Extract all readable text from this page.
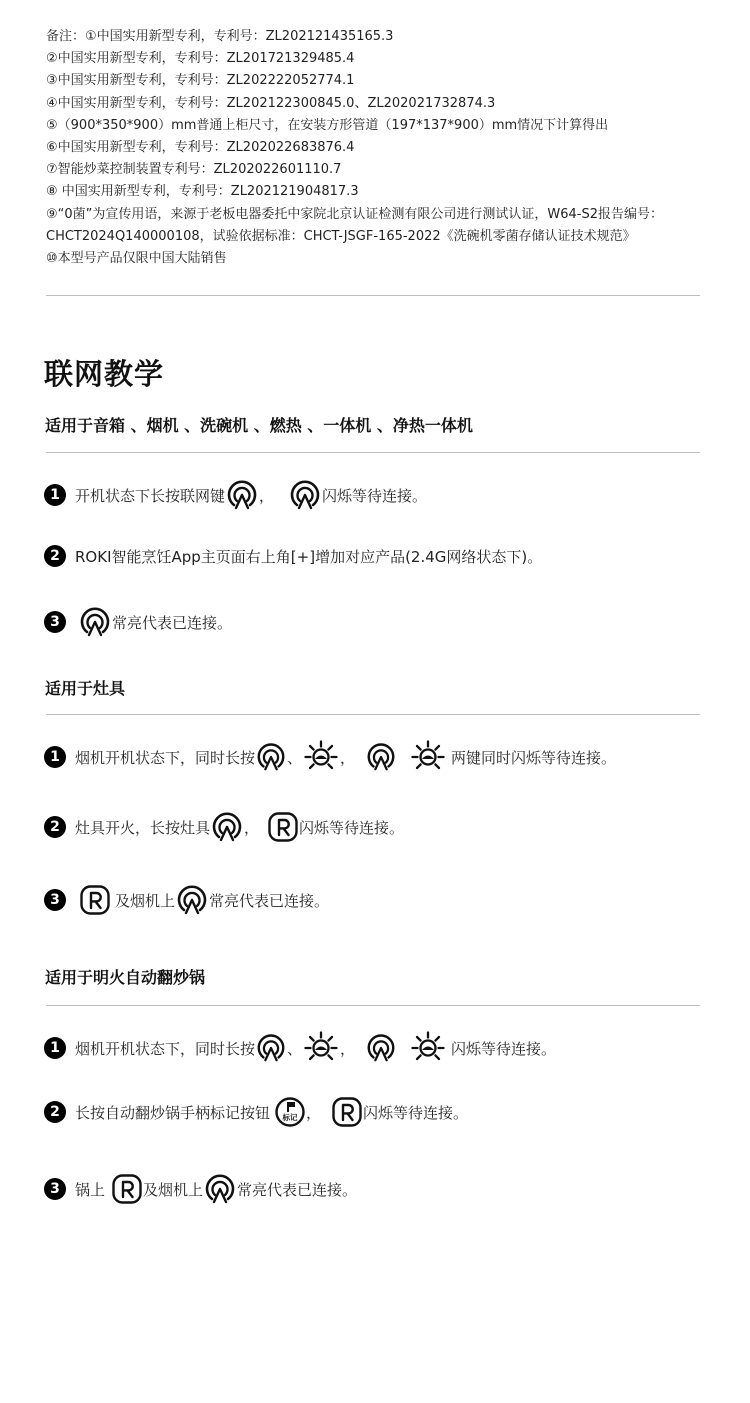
备注：①中国实用新型专利，专利号：ZL202121435165.3
②中国实用新型专利，专利号：ZL201721329485.4
③中国实用新型专利，专利号：ZL202222052774.1
④中国实用新型专利，专利号：ZL202122300845.0、ZL202021732874.3
⑤（900*350*900）mm普通上柜尺寸，在安装方形管道（197*137*900）mm情况下计算得出
⑥中国实用新型专利，专利号：ZL202022683876.4
⑦智能炒菜控制装置专利号：ZL202022601110.7
⑧ 中国实用新型专利，专利号：ZL202121904817.3
⑨“0菌”为宣传用语，来源于老板电器委托中家院北京认证检测有限公司进行测试认证，W64-S2报告编号：
CHCT2024Q140000108，试验依据标准：CHCT-JSGF-165-2022《洗碗机零菌存储认证技术规范》
⑩本型号产品仅限中国大陆销售
联网教学
适用于音箱 、烟机 、洗碗机 、燃热 、一体机 、净热一体机
1	开机状态下长按联网键 ，	闪烁等待连接。
2	ROKI智能烹饪App主页面右上角[+]增加对应产品(2.4G网络状态下)。
3	常亮代表已连接。
适用于灶具
1	烟机开机状态下，同时长按 、	，	两键同时闪烁等待连接。
2	灶具开火，长按灶具 ，	闪烁等待连接。
3	及烟机上 常亮代表已连接。
适用于明火自动翻炒锅
1	烟机开机状态下，同时长按 、	，	闪烁等待连接。
2	长按自动翻炒锅手柄标记按钮 标记 ，	闪烁等待连接。
3	锅上	及烟机上 常亮代表已连接。
